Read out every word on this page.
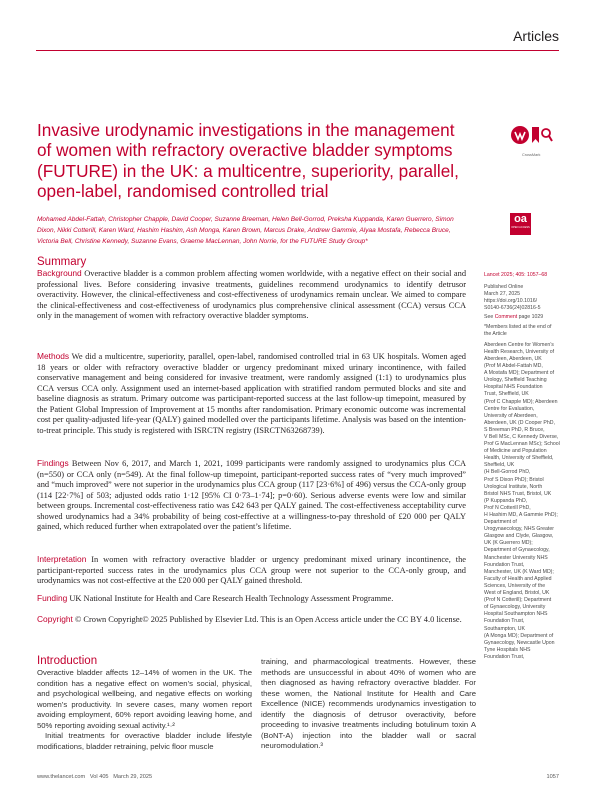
Articles
Invasive urodynamic investigations in the management of women with refractory overactive bladder symptoms (FUTURE) in the UK: a multicentre, superiority, parallel, open-label, randomised controlled trial
CrossMark
oa
OPEN ACCESS
Mohamed Abdel-Fattah, Christopher Chapple, David Cooper, Suzanne Breeman, Helen Bell-Gorrod, Preksha Kuppanda, Karen Guerrero, Simon Dixon, Nikki Cotterill, Karen Ward, Hashim Hashim, Ash Monga, Karen Brown, Marcus Drake, Andrew Gammie, Alyaa Mostafa, Rebecca Bruce, Victoria Bell, Christine Kennedy, Suzanne Evans, Graeme MacLennan, John Norrie, for the FUTURE Study Group*
Summary
Background Overactive bladder is a common problem affecting women worldwide, with a negative effect on their social and professional lives. Before considering invasive treatments, guidelines recommend urodynamics to identify detrusor overactivity. However, the clinical-effectiveness and cost-effectiveness of urodynamics remain unclear. We aimed to compare the clinical-effectiveness and cost-effectiveness of urodynamics plus comprehensive clinical assessment (CCA) versus CCA only in the management of women with refractory overactive bladder symptoms.
Methods We did a multicentre, superiority, parallel, open-label, randomised controlled trial in 63 UK hospitals. Women aged 18 years or older with refractory overactive bladder or urgency predominant mixed urinary incontinence, with failed conservative management and being considered for invasive treatment, were randomly assigned (1:1) to urodynamics plus CCA versus CCA only. Assignment used an internet-based application with stratified random permuted blocks and site and baseline diagnosis as stratum. Primary outcome was participant-reported success at the last follow-up timepoint, measured by the Patient Global Impression of Improvement at 15 months after randomisation. Primary economic outcome was incremental cost per quality-adjusted life-year (QALY) gained modelled over the participants lifetime. Analysis was based on the intention-to-treat principle. This study is registered with ISRCTN registry (ISRCTN63268739).
Findings Between Nov 6, 2017, and March 1, 2021, 1099 participants were randomly assigned to urodynamics plus CCA (n=550) or CCA only (n=549). At the final follow-up timepoint, participant-reported success rates of “very much improved” and “much improved” were not superior in the urodynamics plus CCA group (117 [23·6%] of 496) versus the CCA-only group (114 [22·7%] of 503; adjusted odds ratio 1·12 [95% CI 0·73–1·74]; p=0·60). Serious adverse events were low and similar between groups. Incremental cost-effectiveness ratio was £42 643 per QALY gained. The cost-effectiveness acceptability curve showed urodynamics had a 34% probability of being cost-effective at a willingness-to-pay threshold of £20 000 per QALY gained, which reduced further when extrapolated over the patient’s lifetime.
Interpretation In women with refractory overactive bladder or urgency predominant mixed urinary incontinence, the participant-reported success rates in the urodynamics plus CCA group were not superior to the CCA-only group, and urodynamics was not cost-effective at the £20 000 per QALY gained threshold.
Funding UK National Institute for Health and Care Research Health Technology Assessment Programme.
Copyright © Crown Copyright© 2025 Published by Elsevier Ltd. This is an Open Access article under the CC BY 4.0 license.
Lancet 2025; 405: 1057–68
Published Online
March 27, 2025
https://doi.org/10.1016/
S0140-6736(24)02816-5
See Comment page 1029
*Members listed at the end of the Article
Aberdeen Centre for Women’s
Health Research, University of
Aberdeen, Aberdeen, UK
(Prof M Abdel-Fattah MD,
A Mostafa MD); Department of
Urology, Sheffield Teaching
Hospital NHS Foundation
Trust, Sheffield, UK
(Prof C Chapple MD); Aberdeen
Centre for Evaluation,
University of Aberdeen,
Aberdeen, UK (D Cooper PhD,
S Breeman PhD, R Bruce,
V Bell MSc, C Kennedy Diverse,
Prof G MacLennan MSc); School
of Medicine and Population
Health, University of Sheffield,
Sheffield, UK
(H Bell-Gorrod PhD,
Prof S Dixon PhD); Bristol
Urological Institute, North
Bristol NHS Trust, Bristol, UK
(P Kuppanda PhD,
Prof N Cotterill PhD,
H Hashim MD, A Gammie PhD);
Department of
Urogynaecology, NHS Greater
Glasgow and Clyde, Glasgow,
UK (K Guerrero MD);
Department of Gynaecology,
Manchester University NHS
Foundation Trust,
Manchester, UK (K Ward MD);
Faculty of Health and Applied
Sciences, University of the
West of England, Bristol, UK
(Prof N Cotterill); Department
of Gynaecology, University
Hospital Southampton NHS
Foundation Trust,
Southampton, UK
(A Monga MD); Department of
Gynaecology, Newcastle Upon
Tyne Hospitals NHS
Foundation Trust,
Introduction
Overactive bladder affects 12–14% of women in the UK. The condition has a negative effect on women’s social, physical, and psychological wellbeing, and negative effects on working women’s productivity. In severe cases, many women report avoiding employment, 60% report avoiding leaving home, and 50% reporting avoiding sexual activity.¹·²
Initial treatments for overactive bladder include lifestyle modifications, bladder retraining, pelvic floor muscle
training, and pharmacological treatments. However, these methods are unsuccessful in about 40% of women who are then diagnosed as having refractory overactive bladder. For these women, the National Institute for Health and Care Excellence (NICE) recommends urodynamics investigation to identify the diagnosis of detrusor overactivity, before proceeding to invasive treatments including botulinum toxin A (BoNT-A) injection into the bladder wall or sacral neuromodulation.³
www.thelancet.com Vol 405 March 29, 2025	1057
